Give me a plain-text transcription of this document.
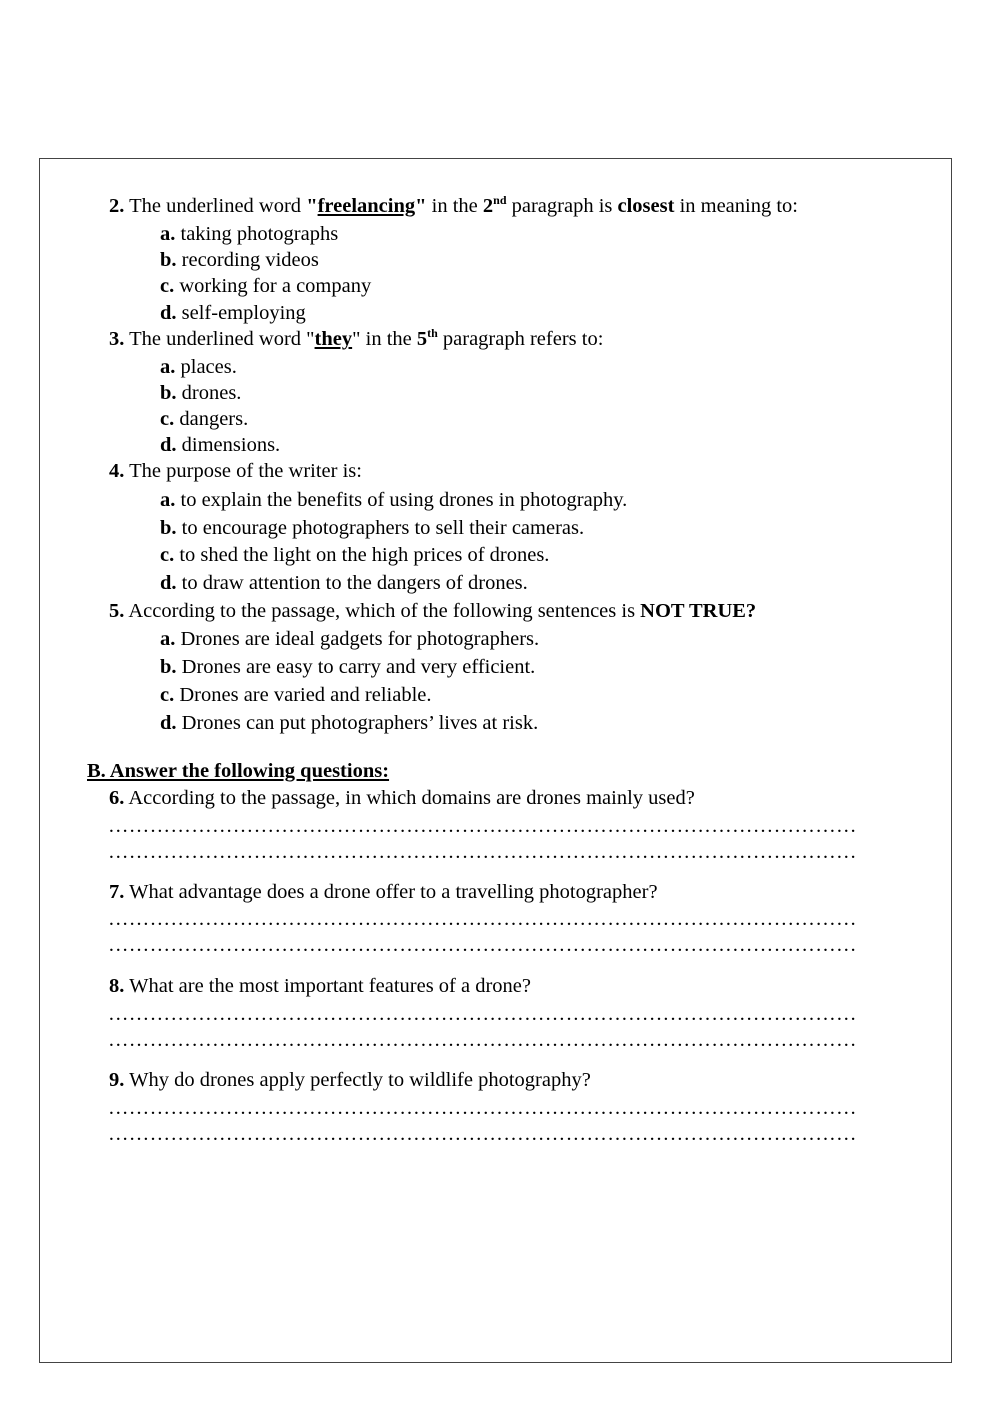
2. The underlined word "freelancing" in the 2nd paragraph is closest in meaning to:
a. taking photographs
b. recording videos
c. working for a company
d. self-employing
3. The underlined word "they" in the 5th paragraph refers to:
a. places.
b. drones.
c. dangers.
d. dimensions.
4. The purpose of the writer is:
a. to explain the benefits of using drones in photography.
b. to encourage photographers to sell their cameras.
c. to shed the light on the high prices of drones.
d. to draw attention to the dangers of drones.
5. According to the passage, which of the following sentences is NOT TRUE?
a. Drones are ideal gadgets for photographers.
b. Drones are easy to carry and very efficient.
c. Drones are varied and reliable.
d. Drones can put photographers’ lives at risk.
B. Answer the following questions:
6. According to the passage, in which domains are drones mainly used?
………………………………………………………………………………………………
………………………………………………………………………………………………
7. What advantage does a drone offer to a travelling photographer?
………………………………………………………………………………………………
………………………………………………………………………………………………
8. What are the most important features of a drone?
………………………………………………………………………………………………
………………………………………………………………………………………………
9. Why do drones apply perfectly to wildlife photography?
………………………………………………………………………………………………
………………………………………………………………………………………………
